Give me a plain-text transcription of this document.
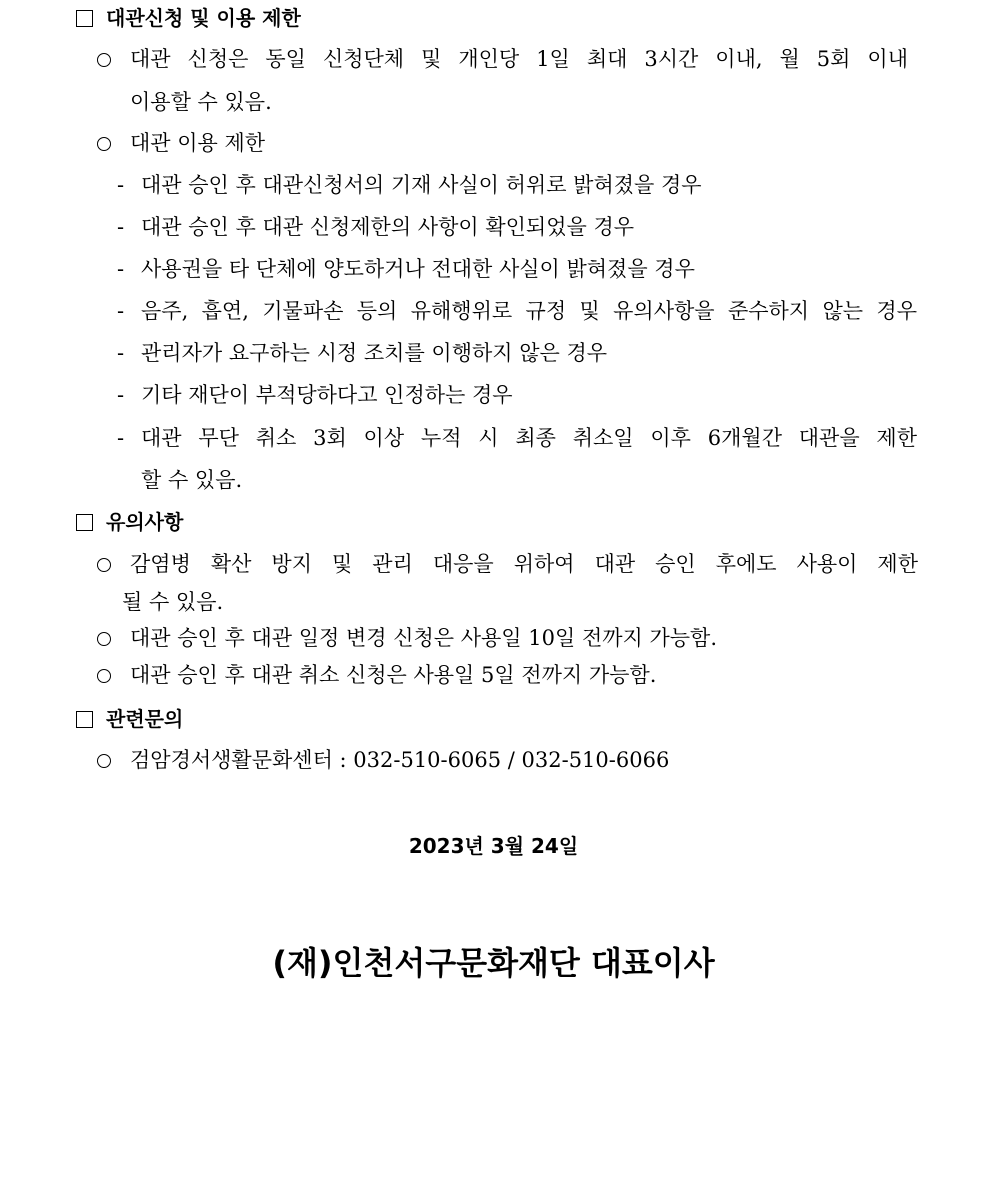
대관신청 및 이용 제한
대관 신청은 동일 신청단체 및 개인당 1일 최대 3시간 이내, 월 5회 이내
이용할 수 있음.
대관 이용 제한
- 대관 승인 후 대관신청서의 기재 사실이 허위로 밝혀졌을 경우
- 대관 승인 후 대관 신청제한의 사항이 확인되었을 경우
- 사용권을 타 단체에 양도하거나 전대한 사실이 밝혀졌을 경우
- 음주, 흡연, 기물파손 등의 유해행위로 규정 및 유의사항을 준수하지 않는 경우
- 관리자가 요구하는 시정 조치를 이행하지 않은 경우
- 기타 재단이 부적당하다고 인정하는 경우
- 대관 무단 취소 3회 이상 누적 시 최종 취소일 이후 6개월간 대관을 제한
할 수 있음.
유의사항
감염병 확산 방지 및 관리 대응을 위하여 대관 승인 후에도 사용이 제한
될 수 있음.
대관 승인 후 대관 일정 변경 신청은 사용일 10일 전까지 가능함.
대관 승인 후 대관 취소 신청은 사용일 5일 전까지 가능함.
관련문의
검암경서생활문화센터 : 032-510-6065 / 032-510-6066
2023년 3월 24일
(재)인천서구문화재단 대표이사
